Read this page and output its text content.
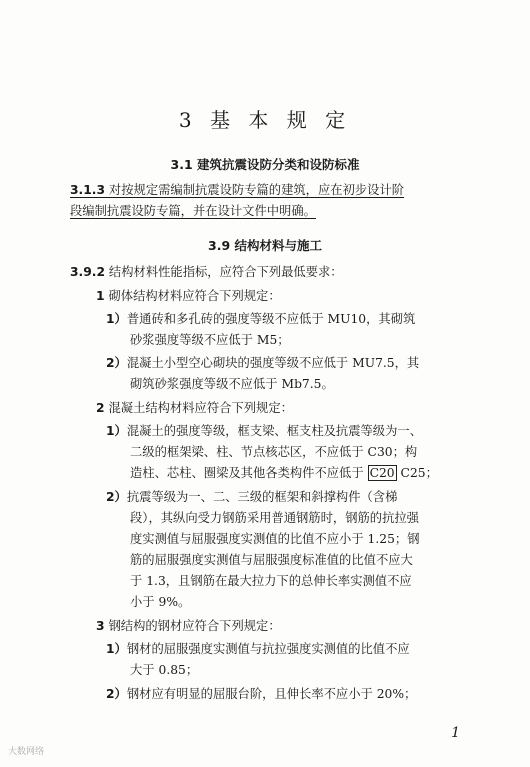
3 基 本 规 定
3.1 建筑抗震设防分类和设防标准
3.1.3 对按规定需编制抗震设防专篇的建筑，应在初步设计阶
段编制抗震设防专篇，并在设计文件中明确。
3.9 结构材料与施工
3.9.2 结构材料性能指标，应符合下列最低要求：
1 砌体结构材料应符合下列规定：
1）普通砖和多孔砖的强度等级不应低于 MU10，其砌筑
砂浆强度等级不应低于 M5；
2）混凝土小型空心砌块的强度等级不应低于 MU7.5，其
砌筑砂浆强度等级不应低于 Mb7.5。
2 混凝土结构材料应符合下列规定：
1）混凝土的强度等级，框支梁、框支柱及抗震等级为一、
二级的框架梁、柱、节点核芯区，不应低于 C30；构
造柱、芯柱、圈梁及其他各类构件不应低于 C20 C25；
2）抗震等级为一、二、三级的框架和斜撑构件（含梯
段），其纵向受力钢筋采用普通钢筋时，钢筋的抗拉强
度实测值与屈服强度实测值的比值不应小于 1.25；钢
筋的屈服强度实测值与屈服强度标准值的比值不应大
于 1.3，且钢筋在最大拉力下的总伸长率实测值不应
小于 9%。
3 钢结构的钢材应符合下列规定：
1）钢材的屈服强度实测值与抗拉强度实测值的比值不应
大于 0.85；
2）钢材应有明显的屈服台阶，且伸长率不应小于 20%；
1
大数网络
